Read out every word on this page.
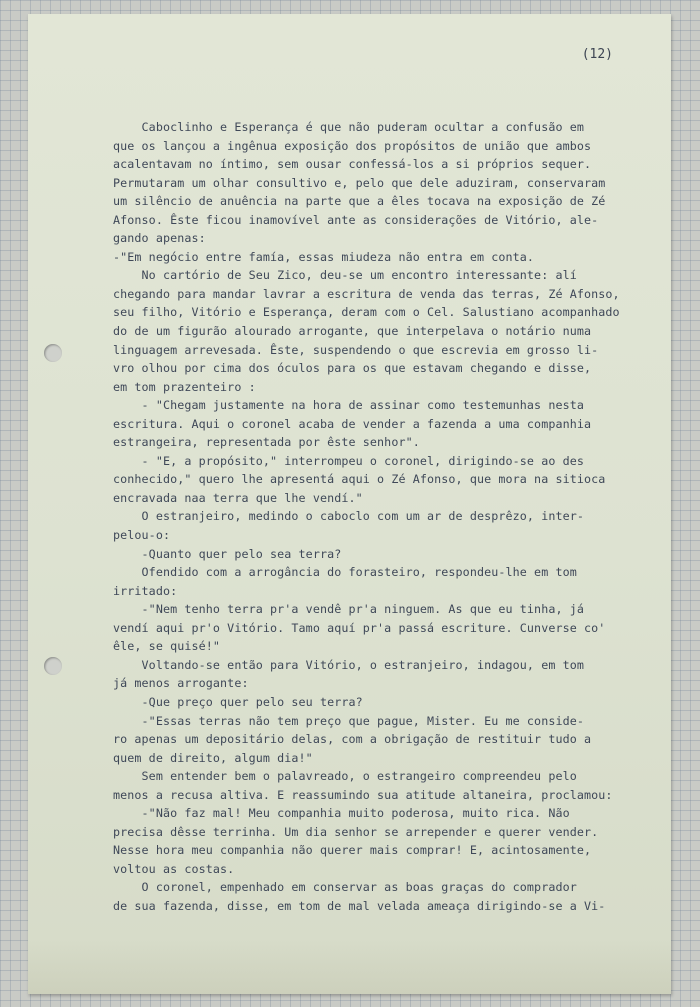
(12)
Caboclinho e Esperança é que não puderam ocultar a confusão em
que os lançou a ingênua exposição dos propósitos de união que ambos
acalentavam no íntimo, sem ousar confessá-los a si próprios sequer.
Permutaram um olhar consultivo e, pelo que dele aduziram, conservaram
um silêncio de anuência na parte que a êles tocava na exposição de Zé
Afonso. Êste ficou inamovível ante as considerações de Vitório, ale-
gando apenas:
-"Em negócio entre famía, essas miudeza não entra em conta.
No cartório de Seu Zico, deu-se um encontro interessante: alí
chegando para mandar lavrar a escritura de venda das terras, Zé Afonso,
seu filho, Vitório e Esperança, deram com o Cel. Salustiano acompanhado
do de um figurão alourado arrogante, que interpelava o notário numa
linguagem arrevesada. Êste, suspendendo o que escrevia em grosso li-
vro olhou por cima dos óculos para os que estavam chegando e disse,
em tom prazenteiro :
- "Chegam justamente na hora de assinar como testemunhas nesta
escritura. Aqui o coronel acaba de vender a fazenda a uma companhia
estrangeira, representada por êste senhor".
- "E, a propósito," interrompeu o coronel, dirigindo-se ao des
conhecido," quero lhe apresentá aqui o Zé Afonso, que mora na sitioca
encravada naa terra que lhe vendí."
O estranjeiro, medindo o caboclo com um ar de desprêzo, inter-
pelou-o:
-Quanto quer pelo sea terra?
Ofendido com a arrogância do forasteiro, respondeu-lhe em tom
irritado:
-"Nem tenho terra pr'a vendê pr'a ninguem. As que eu tinha, já
vendí aqui pr'o Vitório. Tamo aquí pr'a passá escriture. Cunverse co'
êle, se quisé!"
Voltando-se então para Vitório, o estranjeiro, indagou, em tom
já menos arrogante:
-Que preço quer pelo seu terra?
-"Essas terras não tem preço que pague, Mister. Eu me conside-
ro apenas um depositário delas, com a obrigação de restituir tudo a
quem de direito, algum dia!"
Sem entender bem o palavreado, o estrangeiro compreendeu pelo
menos a recusa altiva. E reassumindo sua atitude altaneira, proclamou:
-"Não faz mal! Meu companhia muito poderosa, muito rica. Não
precisa dêsse terrinha. Um dia senhor se arrepender e querer vender.
Nesse hora meu companhia não querer mais comprar! E, acintosamente,
voltou as costas.
O coronel, empenhado em conservar as boas graças do comprador
de sua fazenda, disse, em tom de mal velada ameaça dirigindo-se a Vi-
